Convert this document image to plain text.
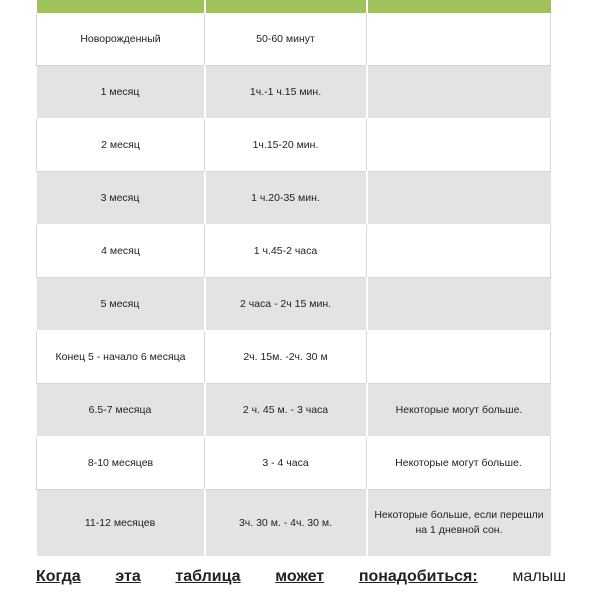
Новорожденный	50-60 минут	
1 месяц	1ч.-1 ч.15 мин.	
2 месяц	1ч.15-20 мин.	
3 месяц	1 ч.20-35 мин.	
4 месяц	1 ч.45-2 часа	
5 месяц	2 часа - 2ч 15 мин.	
Конец 5 - начало 6 месяца	2ч. 15м. -2ч. 30 м	
6.5-7 месяца	2 ч. 45 м. - 3 часа	Некоторые могут больше.
8-10 месяцев	3 - 4 часа	Некоторые могут больше.
11-12 месяцев	3ч. 30 м. - 4ч. 30 м.	Некоторые больше, если перешли на 1 дневной сон.
Когда эта таблица может понадобиться: малыш
